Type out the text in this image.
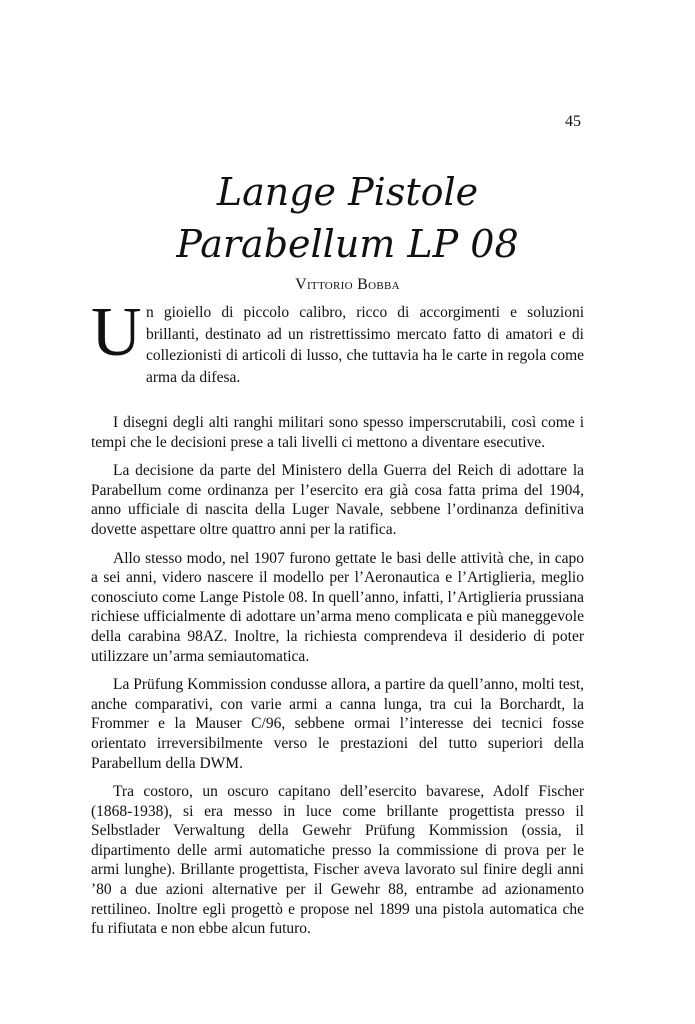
45
Lange Pistole
Parabellum LP 08
Vittorio Bobba
U n gioiello di piccolo calibro, ricco di accorgimenti e soluzioni brillanti, destinato ad un ristrettissimo mercato fatto di amatori e di collezionisti di articoli di lusso, che tuttavia ha le carte in regola come arma da difesa.

I disegni degli alti ranghi militari sono spesso imperscrutabili, così come i tempi che le decisioni prese a tali livelli ci mettono a diventare esecutive.

La decisione da parte del Ministero della Guerra del Reich di adottare la Parabellum come ordinanza per l’esercito era già cosa fatta prima del 1904, anno ufficiale di nascita della Luger Navale, sebbene l’ordinanza definitiva dovette aspettare oltre quattro anni per la ratifica.

Allo stesso modo, nel 1907 furono gettate le basi delle attività che, in capo a sei anni, videro nascere il modello per l’Aeronautica e l’Artiglieria, meglio conosciuto come Lange Pistole 08. In quell’anno, infatti, l’Artiglieria prussiana richiese ufficialmente di adottare un’arma meno complicata e più maneggevole della carabina 98AZ. Inoltre, la richiesta comprendeva il desiderio di poter utilizzare un’arma semiautomatica.

La Prüfung Kommission condusse allora, a partire da quell’anno, molti test, anche comparativi, con varie armi a canna lunga, tra cui la Borchardt, la Frommer e la Mauser C/96, sebbene ormai l’interesse dei tecnici fosse orientato irreversibilmente verso le prestazioni del tutto superiori della Parabellum della DWM.

Tra costoro, un oscuro capitano dell’esercito bavarese, Adolf Fischer (1868-1938), si era messo in luce come brillante progettista presso il Selbstlader Verwaltung della Gewehr Prüfung Kommission (ossia, il dipartimento delle armi automatiche presso la commissione di prova per le armi lunghe). Brillante progettista, Fischer aveva lavorato sul finire degli anni ’80 a due azioni alternative per il Gewehr 88, entrambe ad azionamento rettilineo. Inoltre egli progettò e propose nel 1899 una pistola automatica che fu rifiutata e non ebbe alcun futuro.
